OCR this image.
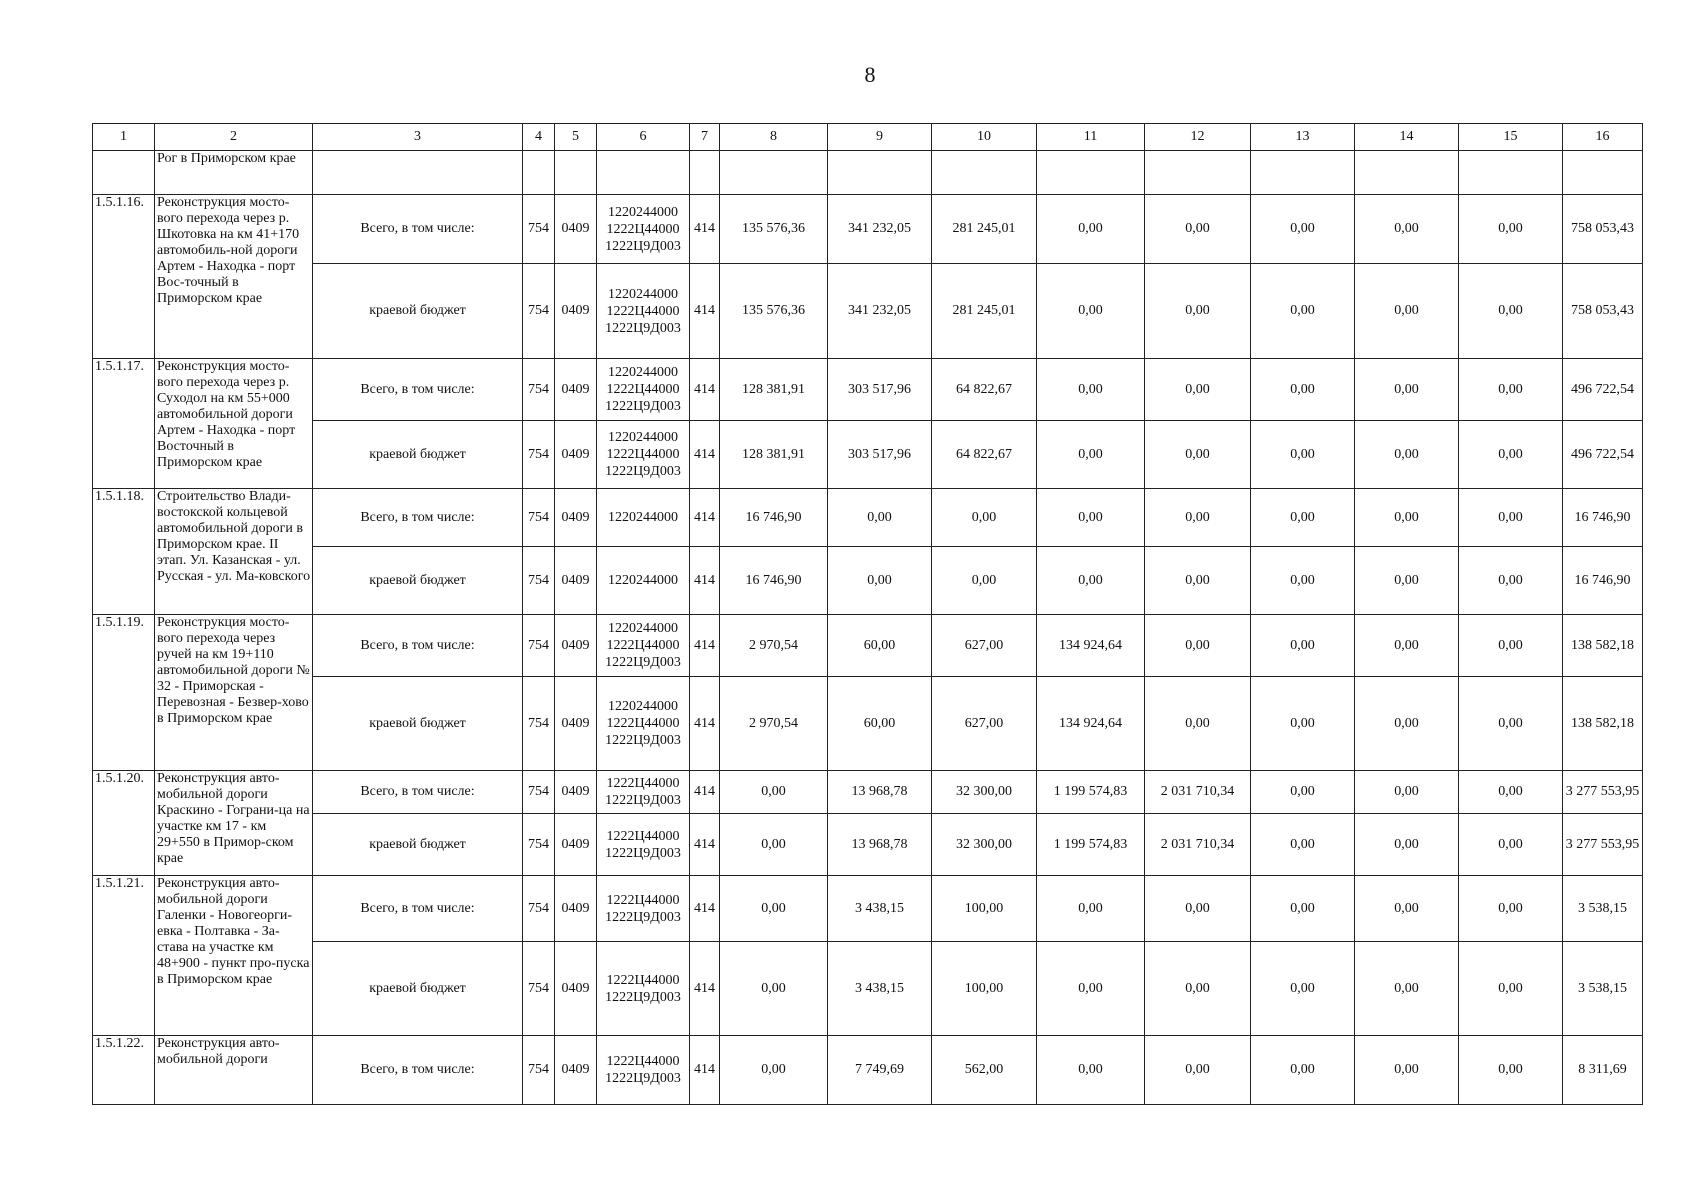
8
1	2	3	4	5	6	7	8	9	10	11	12	13	14	15	16
	Рог в Приморском крае														
1.5.1.16.	Реконструкция мосто-вого перехода через р. Шкотовка на км 41+170 автомобиль-ной дороги Артем - Находка - порт Вос-точный в Приморском крае	Всего, в том числе:	754	0409	1220244000
1222Ц44000
1222Ц9Д003	414	135 576,36	341 232,05	281 245,01	0,00	0,00	0,00	0,00	0,00	758 053,43
		краевой бюджет	754	0409	1220244000
1222Ц44000
1222Ц9Д003	414	135 576,36	341 232,05	281 245,01	0,00	0,00	0,00	0,00	0,00	758 053,43
1.5.1.17.	Реконструкция мосто-вого перехода через р. Суходол на км 55+000 автомобильной дороги Артем - Находка - порт Восточный в Приморском крае	Всего, в том числе:	754	0409	1220244000
1222Ц44000
1222Ц9Д003	414	128 381,91	303 517,96	64 822,67	0,00	0,00	0,00	0,00	0,00	496 722,54
		краевой бюджет	754	0409	1220244000
1222Ц44000
1222Ц9Д003	414	128 381,91	303 517,96	64 822,67	0,00	0,00	0,00	0,00	0,00	496 722,54
1.5.1.18.	Строительство Влади-востокской кольцевой автомобильной дороги в Приморском крае. II этап. Ул. Казанская - ул. Русская - ул. Ма-ковского	Всего, в том числе:	754	0409	1220244000	414	16 746,90	0,00	0,00	0,00	0,00	0,00	0,00	0,00	16 746,90
		краевой бюджет	754	0409	1220244000	414	16 746,90	0,00	0,00	0,00	0,00	0,00	0,00	0,00	16 746,90
1.5.1.19.	Реконструкция мосто-вого перехода через ручей на км 19+110 автомобильной дороги № 32 - Приморская - Перевозная - Безвер-хово в Приморском крае	Всего, в том числе:	754	0409	1220244000
1222Ц44000
1222Ц9Д003	414	2 970,54	60,00	627,00	134 924,64	0,00	0,00	0,00	0,00	138 582,18
		краевой бюджет	754	0409	1220244000
1222Ц44000
1222Ц9Д003	414	2 970,54	60,00	627,00	134 924,64	0,00	0,00	0,00	0,00	138 582,18
1.5.1.20.	Реконструкция авто-мобильной дороги Краскино - Гограни-ца на участке км 17 - км 29+550 в Примор-ском крае	Всего, в том числе:	754	0409	1222Ц44000
1222Ц9Д003	414	0,00	13 968,78	32 300,00	1 199 574,83	2 031 710,34	0,00	0,00	0,00	3 277 553,95
		краевой бюджет	754	0409	1222Ц44000
1222Ц9Д003	414	0,00	13 968,78	32 300,00	1 199 574,83	2 031 710,34	0,00	0,00	0,00	3 277 553,95
1.5.1.21.	Реконструкция авто-мобильной дороги Галенки - Новогеорги-евка - Полтавка - За-става на участке км 48+900 - пункт про-пуска в Приморском крае	Всего, в том числе:	754	0409	1222Ц44000
1222Ц9Д003	414	0,00	3 438,15	100,00	0,00	0,00	0,00	0,00	0,00	3 538,15
		краевой бюджет	754	0409	1222Ц44000
1222Ц9Д003	414	0,00	3 438,15	100,00	0,00	0,00	0,00	0,00	0,00	3 538,15
1.5.1.22.	Реконструкция авто-мобильной дороги	Всего, в том числе:	754	0409	1222Ц44000
1222Ц9Д003	414	0,00	7 749,69	562,00	0,00	0,00	0,00	0,00	0,00	8 311,69
